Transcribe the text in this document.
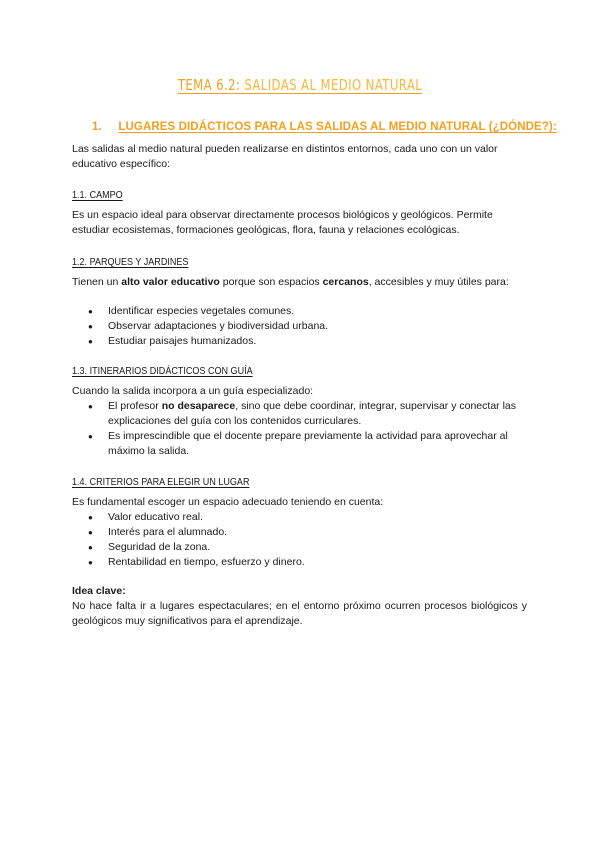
TEMA 6.2: SALIDAS AL MEDIO NATURAL
1. LUGARES DIDÁCTICOS PARA LAS SALIDAS AL MEDIO NATURAL (¿DÓNDE?):
Las salidas al medio natural pueden realizarse en distintos entornos, cada uno con un valor educativo específico:
1.1. CAMPO
Es un espacio ideal para observar directamente procesos biológicos y geológicos. Permite estudiar ecosistemas, formaciones geológicas, flora, fauna y relaciones ecológicas.
1.2. PARQUES Y JARDINES
Tienen un alto valor educativo porque son espacios cercanos, accesibles y muy útiles para:
● Identificar especies vegetales comunes.
● Observar adaptaciones y biodiversidad urbana.
● Estudiar paisajes humanizados.
1.3. ITINERARIOS DIDÁCTICOS CON GUÍA
Cuando la salida incorpora a un guía especializado:
● El profesor no desaparece, sino que debe coordinar, integrar, supervisar y conectar las explicaciones del guía con los contenidos curriculares.
● Es imprescindible que el docente prepare previamente la actividad para aprovechar al máximo la salida.
1.4. CRITERIOS PARA ELEGIR UN LUGAR
Es fundamental escoger un espacio adecuado teniendo en cuenta:
● Valor educativo real.
● Interés para el alumnado.
● Seguridad de la zona.
● Rentabilidad en tiempo, esfuerzo y dinero.
Idea clave:
No hace falta ir a lugares espectaculares; en el entorno próximo ocurren procesos biológicos y geológicos muy significativos para el aprendizaje.
